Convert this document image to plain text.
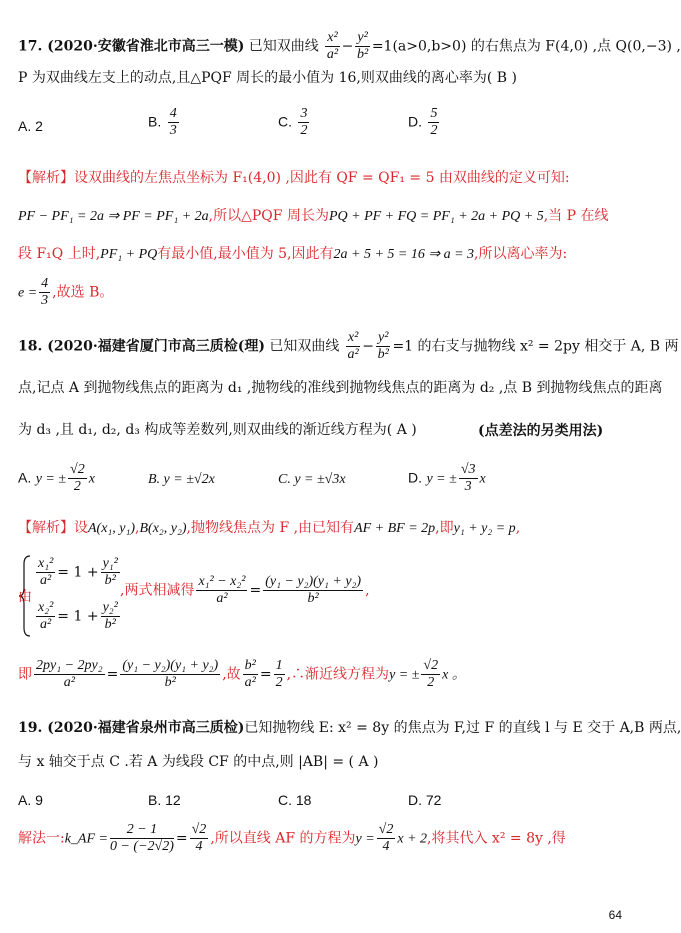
17. (2020·安徽省淮北市高三一模) 已知双曲线 $\frac{\text{x²}}{\text{a²}} - \frac{\text{y²}}{\text{b²}} =1(a>0,b>0)$ 的右焦点为 F(4,0) ,点 Q(0,−3) ,
P 为双曲线左支上的动点,且△PQF 周长的最小值为 16,则双曲线的离心率为( B )
A. 2	B. $\frac{4}{3}$	C. $\frac{3}{2}$	D. $\frac{5}{2}$
【解析】设双曲线的左焦点坐标为 F₁(4,0) ,因此有 QF = QF₁ = 5 由双曲线的定义可知:
PF − PF₁ = 2a ⇒ PF = PF₁ + 2a,所以△PQF 周长为PQ + PF + FQ = PF₁ + 2a + PQ + 5,当 P 在线
段 F₁Q 上时,PF₁ + PQ有最小值,最小值为 5,因此有2a + 5 + 5 = 16 ⇒ a = 3,所以离心率为:
$e = \frac{4}{3}$ ,故选 B。
18. (2020·福建省厦门市高三质检(理) 已知双曲线 $\frac{\text{x²}}{\text{a²}} - \frac{\text{y²}}{\text{b²}} =1$ 的右支与抛物线 x² = 2py 相交于 A, B 两
点,记点 A 到抛物线焦点的距离为 d₁ ,抛物线的准线到抛物线焦点的距离为 d₂ ,点 B 到抛物线焦点的距离
为 d₃ ,且 d₁, d₂, d₃ 构成等差数列,则双曲线的渐近线方程为( A )	(点差法的另类用法)
A. y = ± $\frac{√2}{2}$ x	B. y = ±√2x	C. y = ±√3x	D. y = ± $\frac{√3}{3}$ x
【解析】设A(x₁, y₁),B(x₂, y₂),抛物线焦点为 F ,由已知有AF + BF = 2p,即y₁ + y₂ = p,
$\frac{\text{x₁²}}{\text{a²}} = 1 + \frac{\text{y₁²}}{\text{b²}}$
$\frac{\text{x₂²}}{\text{a²}} = 1 + \frac{\text{y₂²}}{\text{b²}}$
由	,两式相减得 $\frac{\text{x₁² − x₂²}}{\text{a²}} = \frac{\text{(y₁ − y₂)(y₁ + y₂)}}{\text{b²}}$ ,
即 $\frac{\text{2py₁ − 2py₂}}{\text{a²}} = \frac{\text{(y₁ − y₂)(y₁ + y₂)}}{\text{b²}}$ ,故 $\frac{\text{b²}}{\text{a²}} = \frac{1}{2}$ ,∴渐近线方程为y = ± $\frac{√2}{2}$ x 。
19. (2020·福建省泉州市高三质检)已知抛物线 E: x² = 8y 的焦点为 F,过 F 的直线 l 与 E 交于 A,B 两点,
与 x 轴交于点 C .若 A 为线段 CF 的中点,则 |AB| = ( A )
A. 9	B. 12	C. 18	D. 72
解法一:k_AF = $\frac{2 - 1}{0 - (-2√2)} = \frac{√2}{4}$ ,所以直线 AF 的方程为$y = \frac{√2}{4}$ x + 2,将其代入 x² = 8y ,得
64
